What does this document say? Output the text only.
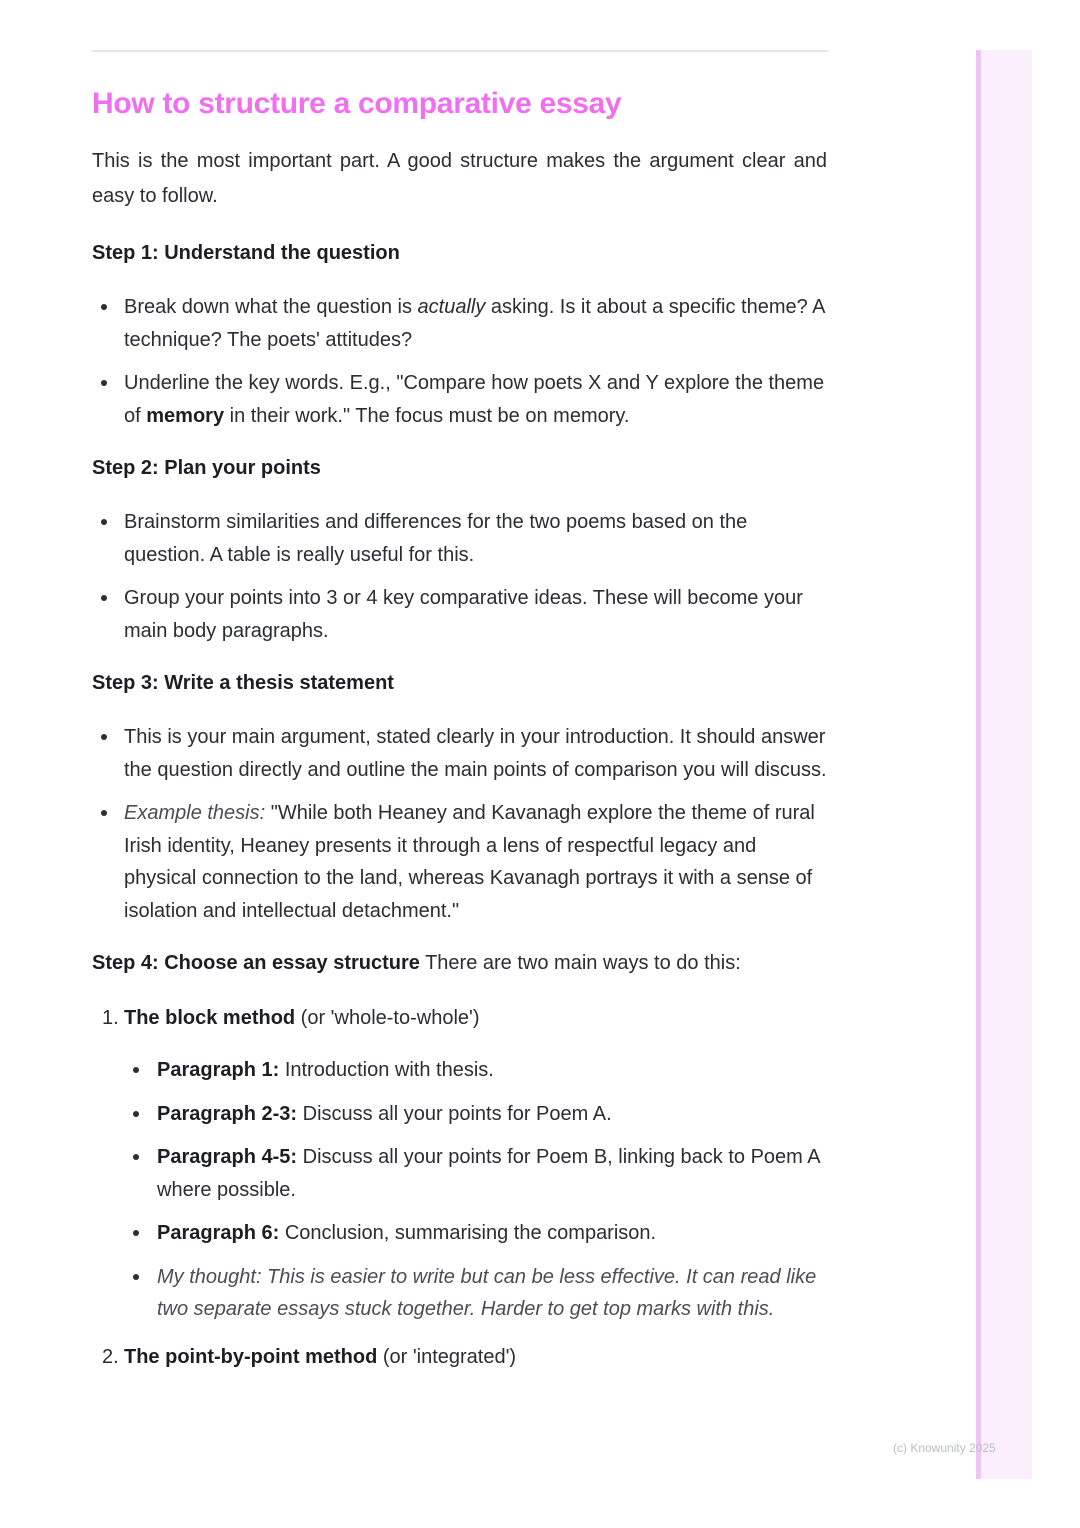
How to structure a comparative essay

This is the most important part. A good structure makes the argument clear and easy to follow.

Step 1: Understand the question
Break down what the question is actually asking. Is it about a specific theme? A technique? The poets' attitudes?
Underline the key words. E.g., "Compare how poets X and Y explore the theme of memory in their work." The focus must be on memory.
Step 2: Plan your points
Brainstorm similarities and differences for the two poems based on the question. A table is really useful for this.
Group your points into 3 or 4 key comparative ideas. These will become your main body paragraphs.
Step 3: Write a thesis statement
This is your main argument, stated clearly in your introduction. It should answer the question directly and outline the main points of comparison you will discuss.
Example thesis: "While both Heaney and Kavanagh explore the theme of rural Irish identity, Heaney presents it through a lens of respectful legacy and physical connection to the land, whereas Kavanagh portrays it with a sense of isolation and intellectual detachment."
Step 4: Choose an essay structure There are two main ways to do this:
1. The block method (or 'whole-to-whole')
Paragraph 1: Introduction with thesis.
Paragraph 2-3: Discuss all your points for Poem A.
Paragraph 4-5: Discuss all your points for Poem B, linking back to Poem A where possible.
Paragraph 6: Conclusion, summarising the comparison.
My thought: This is easier to write but can be less effective. It can read like two separate essays stuck together. Harder to get top marks with this.
2. The point-by-point method (or 'integrated')
(c) Knowunity 2025
